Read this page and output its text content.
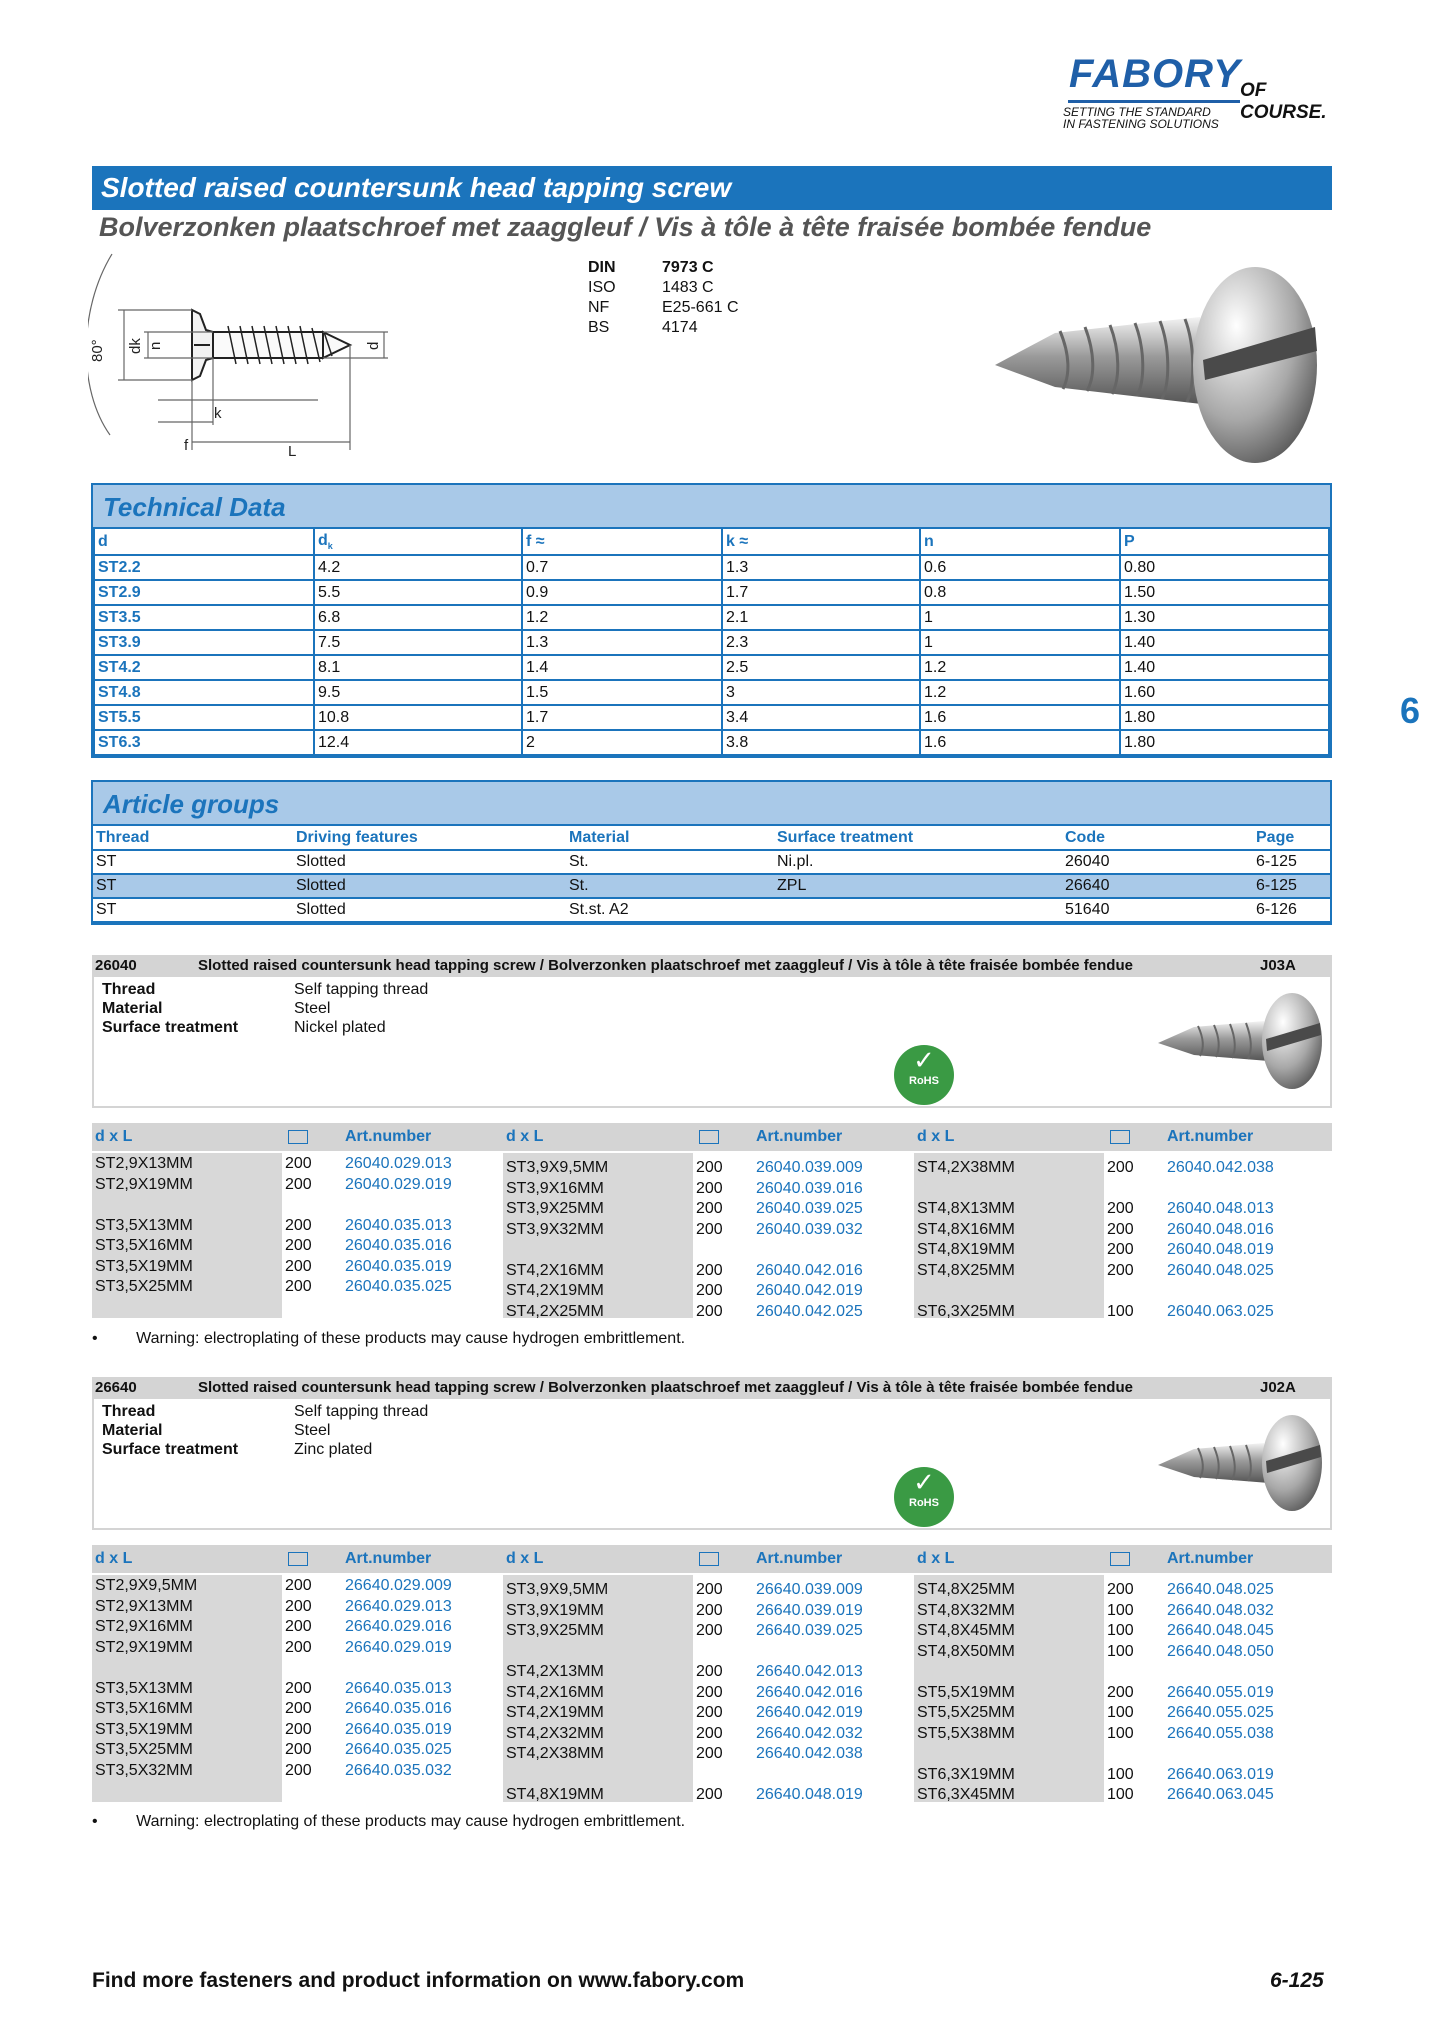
FABORY OF COURSE.
SETTING THE STANDARD
IN FASTENING SOLUTIONS
Slotted raised countersunk head tapping screw
Bolverzonken plaatschroef met zaaggleuf / Vis à tôle à tête fraisée bombée fendue
80° dk n	d
k
f	L
DIN	7973 C
ISO	1483 C
NF	E25-661 C
BS	4174
Technical Data
d	$d_k$	f ≈	k ≈	n	P
ST2.2	4.2	0.7	1.3	0.6	0.80
ST2.9	5.5	0.9	1.7	0.8	1.50
ST3.5	6.8	1.2	2.1	1	1.30
ST3.9	7.5	1.3	2.3	1	1.40
ST4.2	8.1	1.4	2.5	1.2	1.40
ST4.8	9.5	1.5	3	1.2	1.60
ST5.5	10.8	1.7	3.4	1.6	1.80
ST6.3	12.4	2	3.8	1.6	1.80
6
Article groups
Thread	Driving features	Material	Surface treatment	Code	Page
ST	Slotted	St.	Ni.pl.	26040	6-125
ST	Slotted	St.	ZPL	26640	6-125
ST	Slotted	St.st. A2		51640	6-126
26040	Slotted raised countersunk head tapping screw / Bolverzonken plaatschroef met zaaggleuf / Vis à tôle à tête fraisée bombée fendue	J03A
Thread	Self tapping thread
Material	Steel
Surface treatment	Nickel plated
✓
RoHS
d x L	Art.number	d x L	Art.number	d x L	Art.number
ST2,9X13MM	200 26040.029.013
ST2,9X19MM	200 26040.029.019
ST3,5X13MM	200 26040.035.013
ST3,5X16MM	200 26040.035.016
ST3,5X19MM	200 26040.035.019
ST3,5X25MM	200 26040.035.025
ST3,9X9,5MM	200 26040.039.009
ST3,9X16MM	200 26040.039.016
ST3,9X25MM	200 26040.039.025
ST3,9X32MM	200 26040.039.032
ST4,2X16MM	200 26040.042.016
ST4,2X19MM	200 26040.042.019
ST4,2X25MM	200 26040.042.025
ST4,2X38MM	200 26040.042.038
ST4,8X13MM	200 26040.048.013
ST4,8X16MM	200 26040.048.016
ST4,8X19MM	200 26040.048.019
ST4,8X25MM	200 26040.048.025
ST6,3X25MM	100 26040.063.025
• Warning: electroplating of these products may cause hydrogen embrittlement.
26640	Slotted raised countersunk head tapping screw / Bolverzonken plaatschroef met zaaggleuf / Vis à tôle à tête fraisée bombée fendue	J02A
Thread	Self tapping thread
Material	Steel
Surface treatment	Zinc plated
✓
RoHS
d x L	Art.number	d x L	Art.number	d x L	Art.number
ST2,9X9,5MM	200 26640.029.009
ST2,9X13MM	200 26640.029.013
ST2,9X16MM	200 26640.029.016
ST2,9X19MM	200 26640.029.019
ST3,5X13MM	200 26640.035.013
ST3,5X16MM	200 26640.035.016
ST3,5X19MM	200 26640.035.019
ST3,5X25MM	200 26640.035.025
ST3,5X32MM	200 26640.035.032
ST3,9X9,5MM	200 26640.039.009
ST3,9X19MM	200 26640.039.019
ST3,9X25MM	200 26640.039.025
ST4,2X13MM	200 26640.042.013
ST4,2X16MM	200 26640.042.016
ST4,2X19MM	200 26640.042.019
ST4,2X32MM	200 26640.042.032
ST4,2X38MM	200 26640.042.038
ST4,8X19MM	200 26640.048.019
ST4,8X25MM	200 26640.048.025
ST4,8X32MM	100 26640.048.032
ST4,8X45MM	100 26640.048.045
ST4,8X50MM	100 26640.048.050
ST5,5X19MM	200 26640.055.019
ST5,5X25MM	100 26640.055.025
ST5,5X38MM	100 26640.055.038
ST6,3X19MM	100 26640.063.019
ST6,3X45MM	100 26640.063.045
• Warning: electroplating of these products may cause hydrogen embrittlement.
Find more fasteners and product information on www.fabory.com	6-125
